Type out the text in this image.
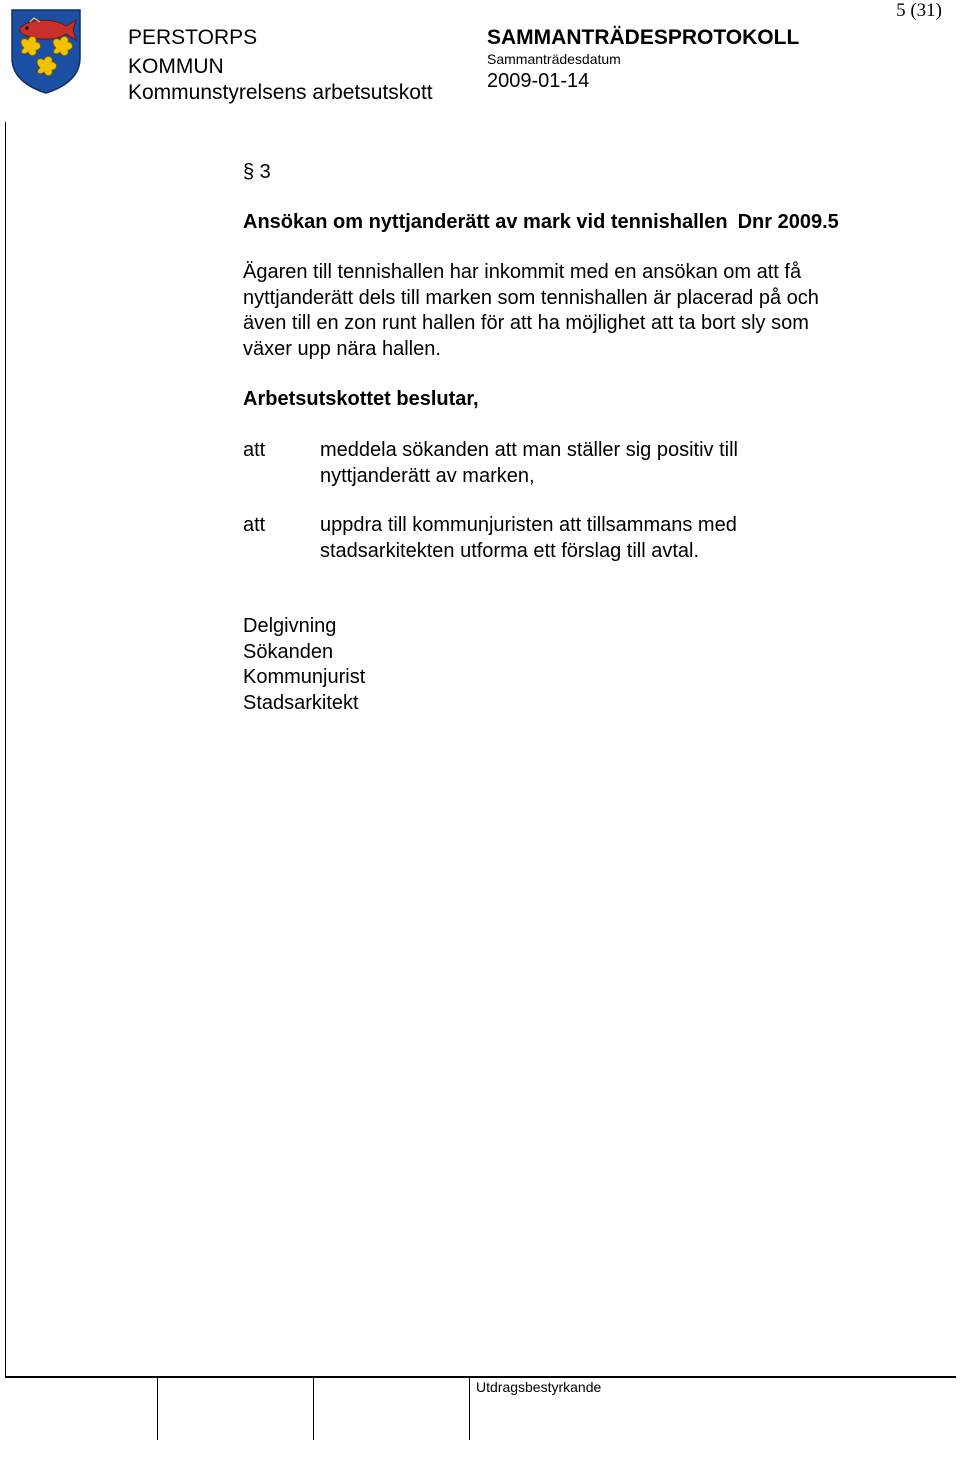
PERSTORPS
KOMMUN
Kommunstyrelsens arbetsutskott
SAMMANTRÄDESPROTOKOLL
Sammanträdesdatum
2009-01-14
5 (31)
Utdragsbestyrkande
§ 3
Ansökan om nyttjanderätt av mark vid tennishallen Dnr 2009.5
Ägaren till tennishallen har inkommit med en ansökan om att få
nyttjanderätt dels till marken som tennishallen är placerad på och
även till en zon runt hallen för att ha möjlighet att ta bort sly som
växer upp nära hallen.
Arbetsutskottet beslutar,
att	meddela sökanden att man ställer sig positiv till
nyttjanderätt av marken,
att	uppdra till kommunjuristen att tillsammans med
stadsarkitekten utforma ett förslag till avtal.
Delgivning
Sökanden
Kommunjurist
Stadsarkitekt
